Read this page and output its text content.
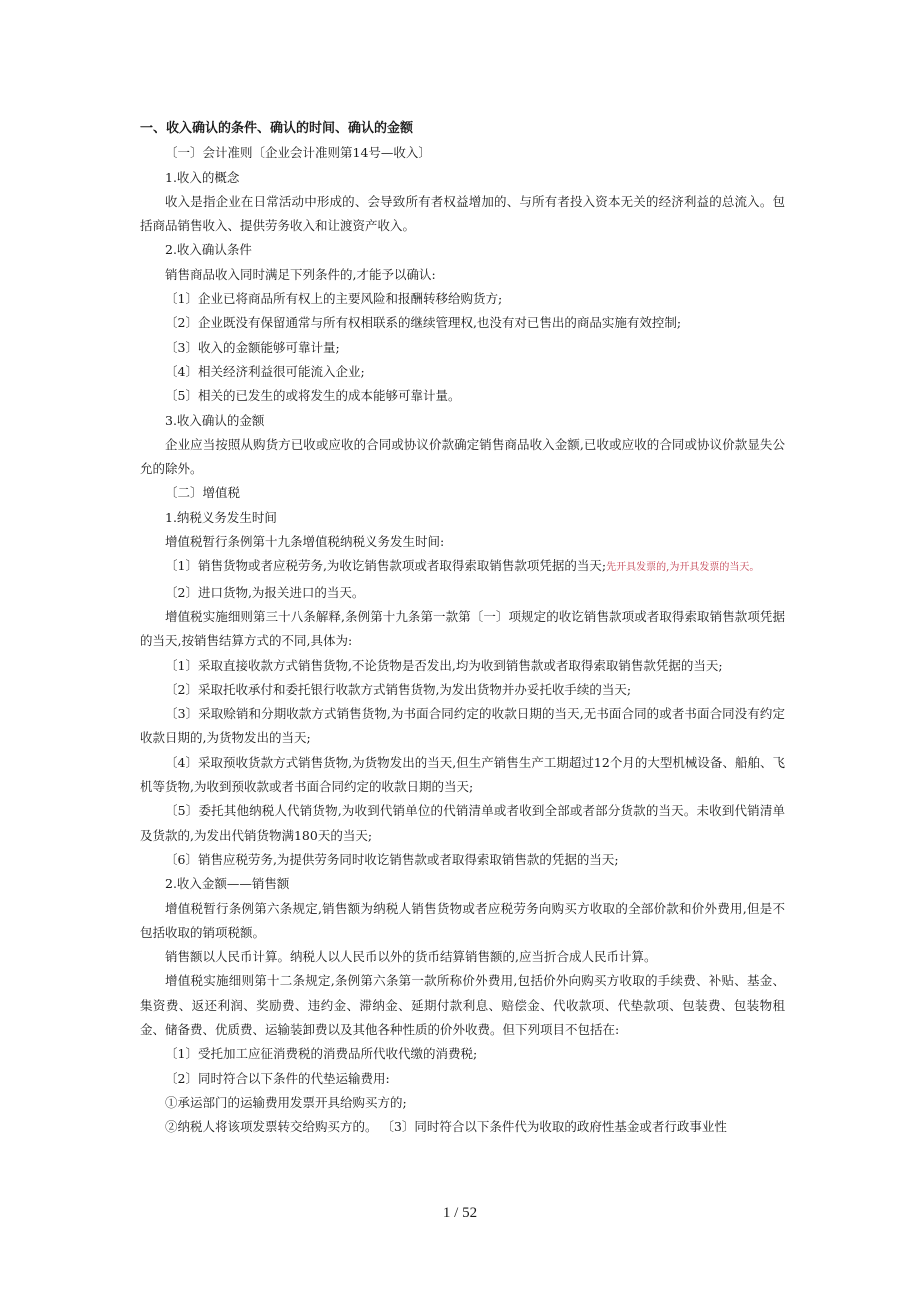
一、收入确认的条件、确认的时间、确认的金额

〔一〕会计准则〔企业会计准则第14号—收入〕

1.收入的概念

收入是指企业在日常活动中形成的、会导致所有者权益增加的、与所有者投入资本无关的经济利益的总流入。包括商品销售收入、提供劳务收入和让渡资产收入。

2.收入确认条件

销售商品收入同时满足下列条件的,才能予以确认:

〔1〕企业已将商品所有权上的主要风险和报酬转移给购货方;

〔2〕企业既没有保留通常与所有权相联系的继续管理权,也没有对已售出的商品实施有效控制;

〔3〕收入的金额能够可靠计量;

〔4〕相关经济利益很可能流入企业;

〔5〕相关的已发生的或将发生的成本能够可靠计量。

3.收入确认的金额

企业应当按照从购货方已收或应收的合同或协议价款确定销售商品收入金额,已收或应收的合同或协议价款显失公允的除外。

〔二〕增值税

1.纳税义务发生时间

增值税暂行条例第十九条增值税纳税义务发生时间:

〔1〕销售货物或者应税劳务,为收讫销售款项或者取得索取销售款项凭据的当天;先开具发票的,为开具发票的当天。

〔2〕进口货物,为报关进口的当天。

增值税实施细则第三十八条解释,条例第十九条第一款第〔一〕项规定的收讫销售款项或者取得索取销售款项凭据的当天,按销售结算方式的不同,具体为:

〔1〕采取直接收款方式销售货物,不论货物是否发出,均为收到销售款或者取得索取销售款凭据的当天;

〔2〕采取托收承付和委托银行收款方式销售货物,为发出货物并办妥托收手续的当天;

〔3〕采取赊销和分期收款方式销售货物,为书面合同约定的收款日期的当天,无书面合同的或者书面合同没有约定收款日期的,为货物发出的当天;

〔4〕采取预收货款方式销售货物,为货物发出的当天,但生产销售生产工期超过12个月的大型机械设备、船舶、飞机等货物,为收到预收款或者书面合同约定的收款日期的当天;

〔5〕委托其他纳税人代销货物,为收到代销单位的代销清单或者收到全部或者部分货款的当天。未收到代销清单及货款的,为发出代销货物满180天的当天;

〔6〕销售应税劳务,为提供劳务同时收讫销售款或者取得索取销售款的凭据的当天;

2.收入金额——销售额

增值税暂行条例第六条规定,销售额为纳税人销售货物或者应税劳务向购买方收取的全部价款和价外费用,但是不包括收取的销项税额。

销售额以人民币计算。纳税人以人民币以外的货币结算销售额的,应当折合成人民币计算。

增值税实施细则第十二条规定,条例第六条第一款所称价外费用,包括价外向购买方收取的手续费、补贴、基金、集资费、返还利润、奖励费、违约金、滞纳金、延期付款利息、赔偿金、代收款项、代垫款项、包装费、包装物租金、储备费、优质费、运输装卸费以及其他各种性质的价外收费。但下列项目不包括在:

〔1〕受托加工应征消费税的消费品所代收代缴的消费税;

〔2〕同时符合以下条件的代垫运输费用:

①承运部门的运输费用发票开具给购买方的;

②纳税人将该项发票转交给购买方的。 〔3〕同时符合以下条件代为收取的政府性基金或者行政事业性

1 / 52
